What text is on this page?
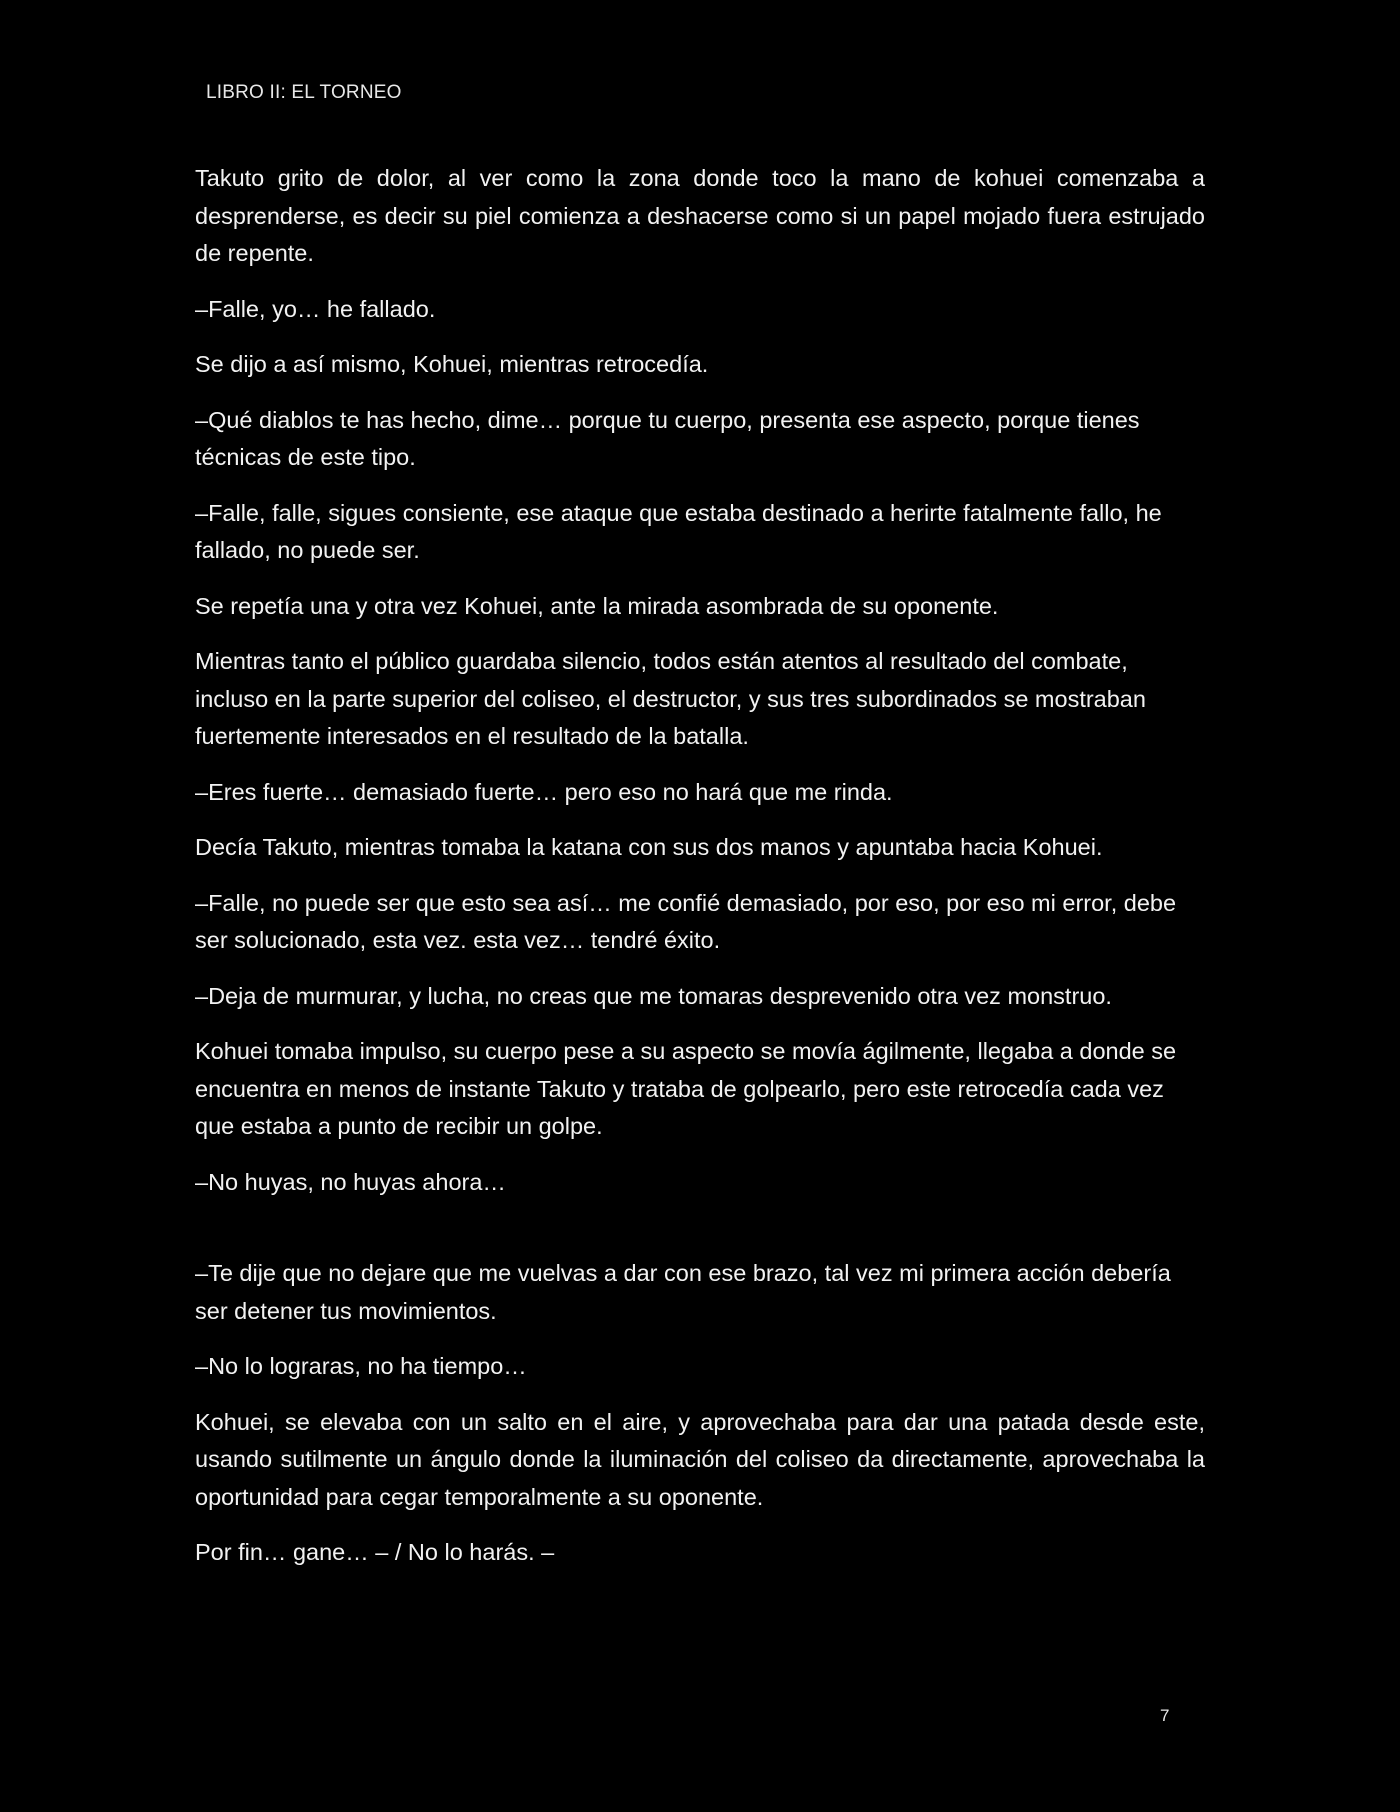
LIBRO II: EL TORNEO

Takuto grito de dolor, al ver como la zona donde toco la mano de kohuei comenzaba a desprenderse, es decir su piel comienza a deshacerse como si un papel mojado fuera estrujado de repente.

–Falle, yo… he fallado.

Se dijo a así mismo, Kohuei, mientras retrocedía.

–Qué diablos te has hecho, dime… porque tu cuerpo, presenta ese aspecto, porque tienes técnicas de este tipo.

–Falle, falle, sigues consiente, ese ataque que estaba destinado a herirte fatalmente fallo, he fallado, no puede ser.

Se repetía una y otra vez Kohuei, ante la mirada asombrada de su oponente.

Mientras tanto el público guardaba silencio, todos están atentos al resultado del combate, incluso en la parte superior del coliseo, el destructor, y sus tres subordinados se mostraban fuertemente interesados en el resultado de la batalla.

–Eres fuerte… demasiado fuerte… pero eso no hará que me rinda.

Decía Takuto, mientras tomaba la katana con sus dos manos y apuntaba hacia Kohuei.

–Falle, no puede ser que esto sea así… me confié demasiado, por eso, por eso mi error, debe ser solucionado, esta vez. esta vez… tendré éxito.

–Deja de murmurar, y lucha, no creas que me tomaras desprevenido otra vez monstruo.

Kohuei tomaba impulso, su cuerpo pese a su aspecto se movía ágilmente, llegaba a donde se encuentra en menos de instante Takuto y trataba de golpearlo, pero este retrocedía cada vez que estaba a punto de recibir un golpe.

–No huyas, no huyas ahora…

–Te dije que no dejare que me vuelvas a dar con ese brazo, tal vez mi primera acción debería ser detener tus movimientos.

–No lo lograras, no ha tiempo…

Kohuei, se elevaba con un salto en el aire, y aprovechaba para dar una patada desde este, usando sutilmente un ángulo donde la iluminación del coliseo da directamente, aprovechaba la oportunidad para cegar temporalmente a su oponente.

Por fin… gane… – / No lo harás. –

7
